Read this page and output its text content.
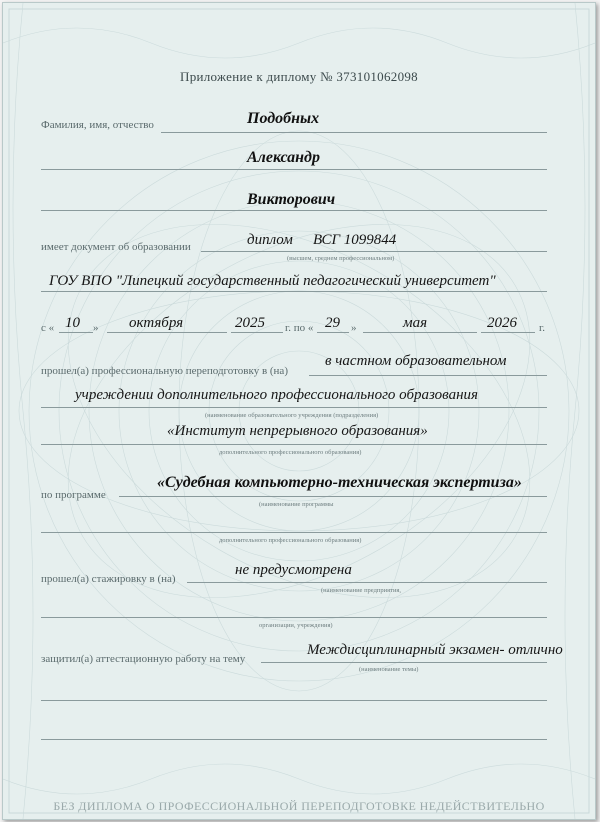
Приложение к диплому № 373101062098
Фамилия, имя, отчество	Подобных
Александр
Викторович
имеет документ об образовании	диплом ВСГ 1099844
(высшем, среднем профессиональном)
ГОУ ВПО "Липецкий государственный педагогический университет"
с « 10 » октября	2025 г. по « 29 »	мая	2026 г.
прошел(а) профессиональную переподготовку в (на)
в частном образовательном
учреждении дополнительного профессионального образования
(наименование образовательного учреждения (подразделения)
«Институт непрерывного образования»
дополнительного профессионального образования)
по программе
«Судебная компьютерно-техническая экспертиза»
(наименование программы
дополнительного профессионального образования)
прошел(а) стажировку в (на)
не предусмотрена
(наименование предприятия,
организации, учреждения)
защитил(а) аттестационную работу на тему
Междисциплинарный экзамен- отлично
(наименование темы)
БЕЗ ДИПЛОМА О ПРОФЕССИОНАЛЬНОЙ ПЕРЕПОДГОТОВКЕ НЕДЕЙСТВИТЕЛЬНО
